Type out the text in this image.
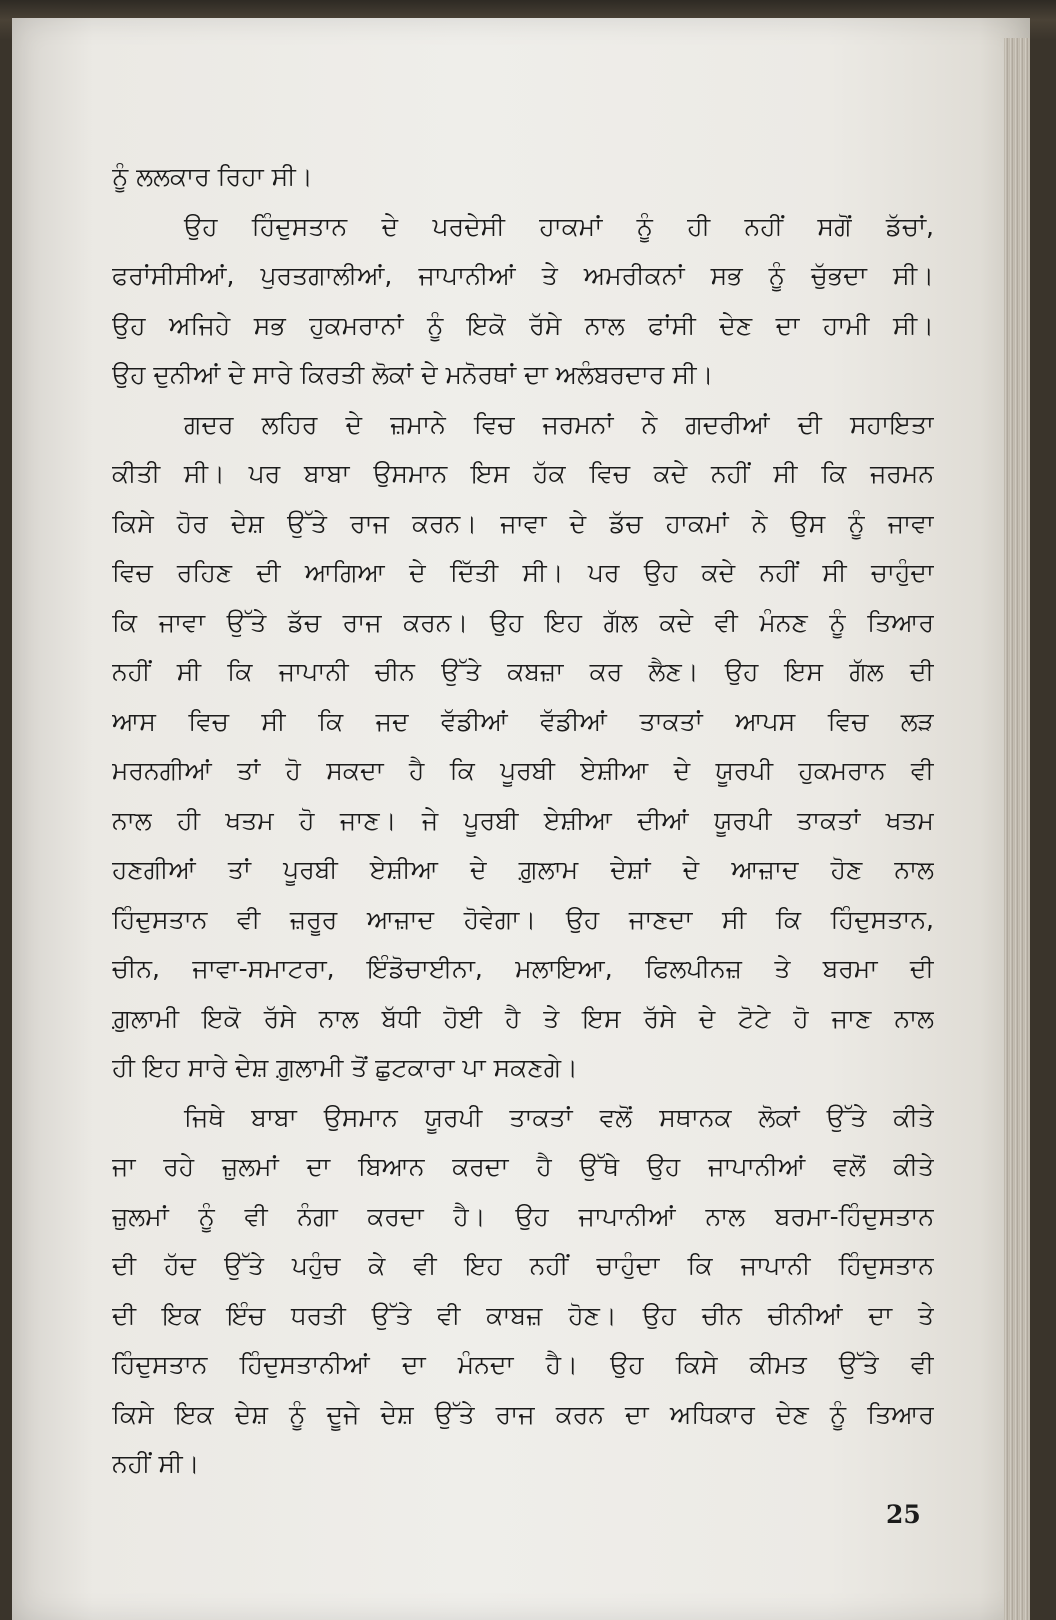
ਨੂੰ ਲਲਕਾਰ ਰਿਹਾ ਸੀ।
ਉਹ ਹਿੰਦੁਸਤਾਨ ਦੇ ਪਰਦੇਸੀ ਹਾਕਮਾਂ ਨੂੰ ਹੀ ਨਹੀਂ ਸਗੋਂ ਡੱਚਾਂ,
ਫਰਾਂਸੀਸੀਆਂ, ਪੁਰਤਗਾਲੀਆਂ, ਜਾਪਾਨੀਆਂ ਤੇ ਅਮਰੀਕਨਾਂ ਸਭ ਨੂੰ ਚੁੱਭਦਾ ਸੀ।
ਉਹ ਅਜਿਹੇ ਸਭ ਹੁਕਮਰਾਨਾਂ ਨੂੰ ਇਕੋ ਰੱਸੇ ਨਾਲ ਫਾਂਸੀ ਦੇਣ ਦਾ ਹਾਮੀ ਸੀ।
ਉਹ ਦੁਨੀਆਂ ਦੇ ਸਾਰੇ ਕਿਰਤੀ ਲੋਕਾਂ ਦੇ ਮਨੋਰਥਾਂ ਦਾ ਅਲੰਬਰਦਾਰ ਸੀ।
ਗਦਰ ਲਹਿਰ ਦੇ ਜ਼ਮਾਨੇ ਵਿਚ ਜਰਮਨਾਂ ਨੇ ਗਦਰੀਆਂ ਦੀ ਸਹਾਇਤਾ
ਕੀਤੀ ਸੀ। ਪਰ ਬਾਬਾ ਉਸਮਾਨ ਇਸ ਹੱਕ ਵਿਚ ਕਦੇ ਨਹੀਂ ਸੀ ਕਿ ਜਰਮਨ
ਕਿਸੇ ਹੋਰ ਦੇਸ਼ ਉੱਤੇ ਰਾਜ ਕਰਨ। ਜਾਵਾ ਦੇ ਡੱਚ ਹਾਕਮਾਂ ਨੇ ਉਸ ਨੂੰ ਜਾਵਾ
ਵਿਚ ਰਹਿਣ ਦੀ ਆਗਿਆ ਦੇ ਦਿੱਤੀ ਸੀ। ਪਰ ਉਹ ਕਦੇ ਨਹੀਂ ਸੀ ਚਾਹੁੰਦਾ
ਕਿ ਜਾਵਾ ਉੱਤੇ ਡੱਚ ਰਾਜ ਕਰਨ। ਉਹ ਇਹ ਗੱਲ ਕਦੇ ਵੀ ਮੰਨਣ ਨੂੰ ਤਿਆਰ
ਨਹੀਂ ਸੀ ਕਿ ਜਾਪਾਨੀ ਚੀਨ ਉੱਤੇ ਕਬਜ਼ਾ ਕਰ ਲੈਣ। ਉਹ ਇਸ ਗੱਲ ਦੀ
ਆਸ ਵਿਚ ਸੀ ਕਿ ਜਦ ਵੱਡੀਆਂ ਵੱਡੀਆਂ ਤਾਕਤਾਂ ਆਪਸ ਵਿਚ ਲੜ
ਮਰਨਗੀਆਂ ਤਾਂ ਹੋ ਸਕਦਾ ਹੈ ਕਿ ਪੂਰਬੀ ਏਸ਼ੀਆ ਦੇ ਯੂਰਪੀ ਹੁਕਮਰਾਨ ਵੀ
ਨਾਲ ਹੀ ਖਤਮ ਹੋ ਜਾਣ। ਜੇ ਪੂਰਬੀ ਏਸ਼ੀਆ ਦੀਆਂ ਯੂਰਪੀ ਤਾਕਤਾਂ ਖਤਮ
ਹਣਗੀਆਂ ਤਾਂ ਪੂਰਬੀ ਏਸ਼ੀਆ ਦੇ ਗ਼ੁਲਾਮ ਦੇਸ਼ਾਂ ਦੇ ਆਜ਼ਾਦ ਹੋਣ ਨਾਲ
ਹਿੰਦੁਸਤਾਨ ਵੀ ਜ਼ਰੂਰ ਆਜ਼ਾਦ ਹੋਵੇਗਾ। ਉਹ ਜਾਣਦਾ ਸੀ ਕਿ ਹਿੰਦੁਸਤਾਨ,
ਚੀਨ, ਜਾਵਾ-ਸਮਾਟਰਾ, ਇੰਡੋਚਾਈਨਾ, ਮਲਾਇਆ, ਫਿਲਪੀਨਜ਼ ਤੇ ਬਰਮਾ ਦੀ
ਗ਼ੁਲਾਮੀ ਇਕੋ ਰੱਸੇ ਨਾਲ ਬੱਧੀ ਹੋਈ ਹੈ ਤੇ ਇਸ ਰੱਸੇ ਦੇ ਟੋਟੇ ਹੋ ਜਾਣ ਨਾਲ
ਹੀ ਇਹ ਸਾਰੇ ਦੇਸ਼ ਗ਼ੁਲਾਮੀ ਤੋਂ ਛੁਟਕਾਰਾ ਪਾ ਸਕਣਗੇ।
ਜਿਥੇ ਬਾਬਾ ਉਸਮਾਨ ਯੂਰਪੀ ਤਾਕਤਾਂ ਵਲੋਂ ਸਥਾਨਕ ਲੋਕਾਂ ਉੱਤੇ ਕੀਤੇ
ਜਾ ਰਹੇ ਜ਼ੁਲਮਾਂ ਦਾ ਬਿਆਨ ਕਰਦਾ ਹੈ ਉੱਥੇ ਉਹ ਜਾਪਾਨੀਆਂ ਵਲੋਂ ਕੀਤੇ
ਜ਼ੁਲਮਾਂ ਨੂੰ ਵੀ ਨੰਗਾ ਕਰਦਾ ਹੈ। ਉਹ ਜਾਪਾਨੀਆਂ ਨਾਲ ਬਰਮਾ-ਹਿੰਦੁਸਤਾਨ
ਦੀ ਹੱਦ ਉੱਤੇ ਪਹੁੰਚ ਕੇ ਵੀ ਇਹ ਨਹੀਂ ਚਾਹੁੰਦਾ ਕਿ ਜਾਪਾਨੀ ਹਿੰਦੁਸਤਾਨ
ਦੀ ਇਕ ਇੰਚ ਧਰਤੀ ਉੱਤੇ ਵੀ ਕਾਬਜ਼ ਹੋਣ। ਉਹ ਚੀਨ ਚੀਨੀਆਂ ਦਾ ਤੇ
ਹਿੰਦੁਸਤਾਨ ਹਿੰਦੁਸਤਾਨੀਆਂ ਦਾ ਮੰਨਦਾ ਹੈ। ਉਹ ਕਿਸੇ ਕੀਮਤ ਉੱਤੇ ਵੀ
ਕਿਸੇ ਇਕ ਦੇਸ਼ ਨੂੰ ਦੂਜੇ ਦੇਸ਼ ਉੱਤੇ ਰਾਜ ਕਰਨ ਦਾ ਅਧਿਕਾਰ ਦੇਣ ਨੂੰ ਤਿਆਰ
ਨਹੀਂ ਸੀ।
25
